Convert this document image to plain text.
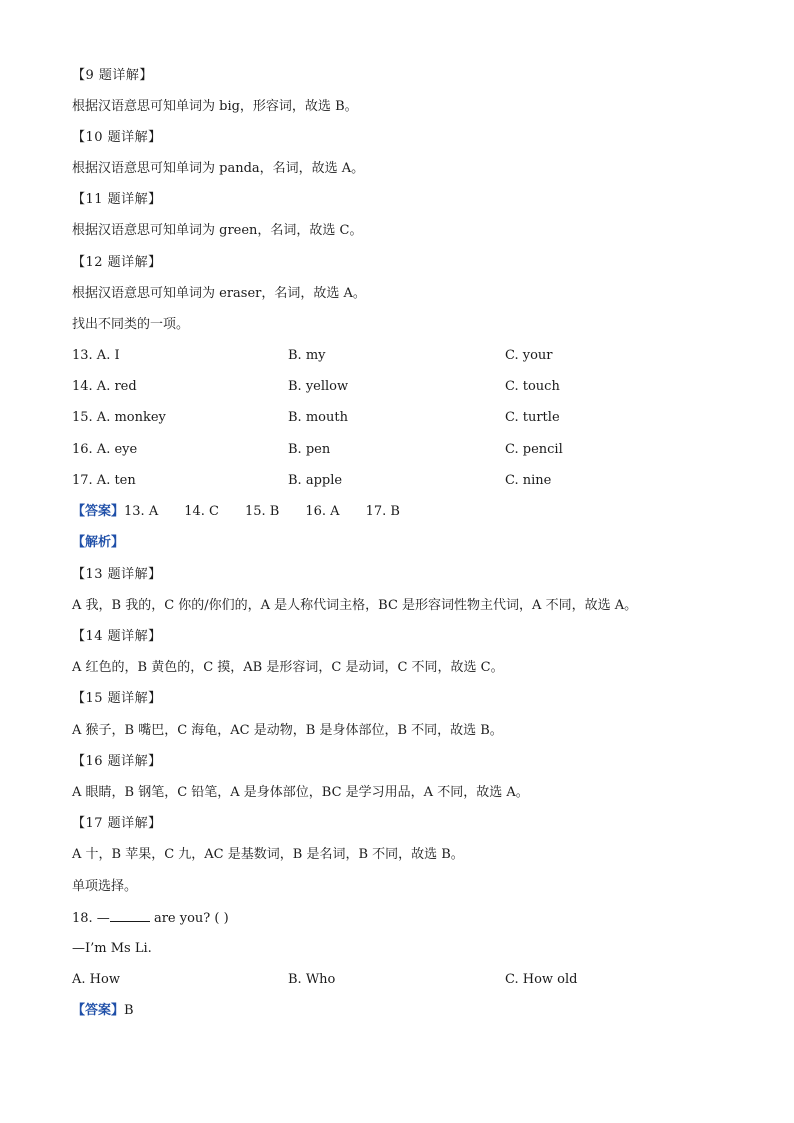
【9 题详解】
根据汉语意思可知单词为 big，形容词，故选 B。
【10 题详解】
根据汉语意思可知单词为 panda，名词，故选 A。
【11 题详解】
根据汉语意思可知单词为 green，名词，故选 C。
【12 题详解】
根据汉语意思可知单词为 eraser，名词，故选 A。
找出不同类的一项。
13. A. I	B. my	C. your
14. A. red	B. yellow	C. touch
15. A. monkey	B. mouth	C. turtle
16. A. eye	B. pen	C. pencil
17. A. ten	B. apple	C. nine
【答案】13. A 14. C 15. B 16. A 17. B
【解析】
【13 题详解】
A 我，B 我的，C 你的/你们的，A 是人称代词主格，BC 是形容词性物主代词，A 不同，故选 A。
【14 题详解】
A 红色的，B 黄色的，C 摸，AB 是形容词，C 是动词，C 不同，故选 C。
【15 题详解】
A 猴子，B 嘴巴，C 海龟，AC 是动物，B 是身体部位，B 不同，故选 B。
【16 题详解】
A 眼睛，B 钢笔，C 铅笔，A 是身体部位，BC 是学习用品，A 不同，故选 A。
【17 题详解】
A 十，B 苹果，C 九，AC 是基数词，B 是名词，B 不同，故选 B。
单项选择。
18. —	are you? ( )
—I’m Ms Li.
A. How	B. Who	C. How old
【答案】B
